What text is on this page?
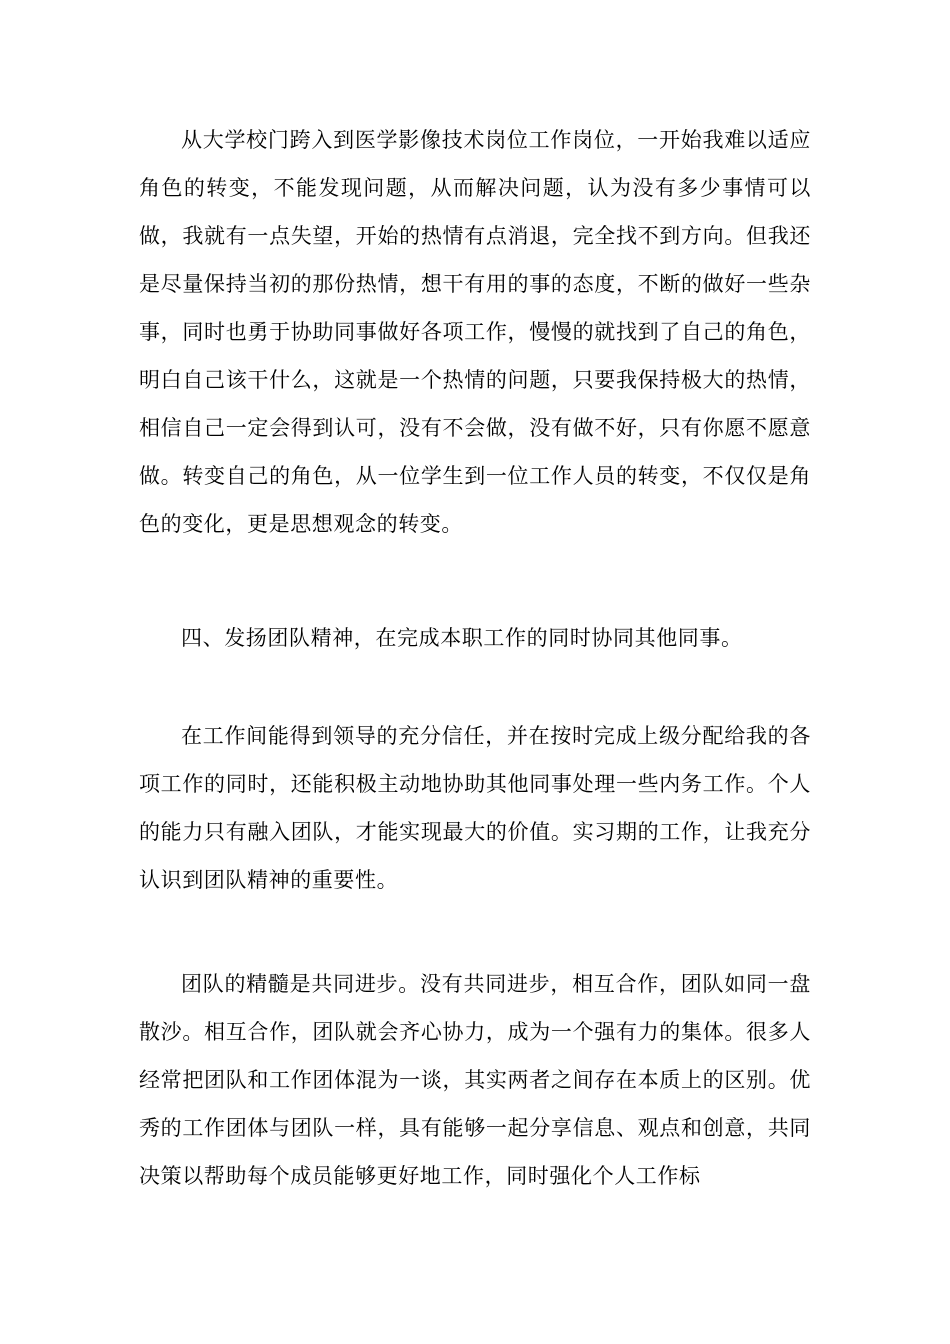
从大学校门跨入到医学影像技术岗位工作岗位，一开始我难以适应角色的转变，不能发现问题，从而解决问题，认为没有多少事情可以做，我就有一点失望，开始的热情有点消退，完全找不到方向。但我还是尽量保持当初的那份热情，想干有用的事的态度，不断的做好一些杂事，同时也勇于协助同事做好各项工作，慢慢的就找到了自己的角色，明白自己该干什么，这就是一个热情的问题，只要我保持极大的热情，相信自己一定会得到认可，没有不会做，没有做不好，只有你愿不愿意做。转变自己的角色，从一位学生到一位工作人员的转变，不仅仅是角色的变化，更是思想观念的转变。

四、发扬团队精神，在完成本职工作的同时协同其他同事。

在工作间能得到领导的充分信任，并在按时完成上级分配给我的各项工作的同时，还能积极主动地协助其他同事处理一些内务工作。个人的能力只有融入团队，才能实现最大的价值。实习期的工作，让我充分认识到团队精神的重要性。

团队的精髓是共同进步。没有共同进步，相互合作，团队如同一盘散沙。相互合作，团队就会齐心协力，成为一个强有力的集体。很多人经常把团队和工作团体混为一谈，其实两者之间存在本质上的区别。优秀的工作团体与团队一样，具有能够一起分享信息、观点和创意，共同决策以帮助每个成员能够更好地工作，同时强化个人工作标
